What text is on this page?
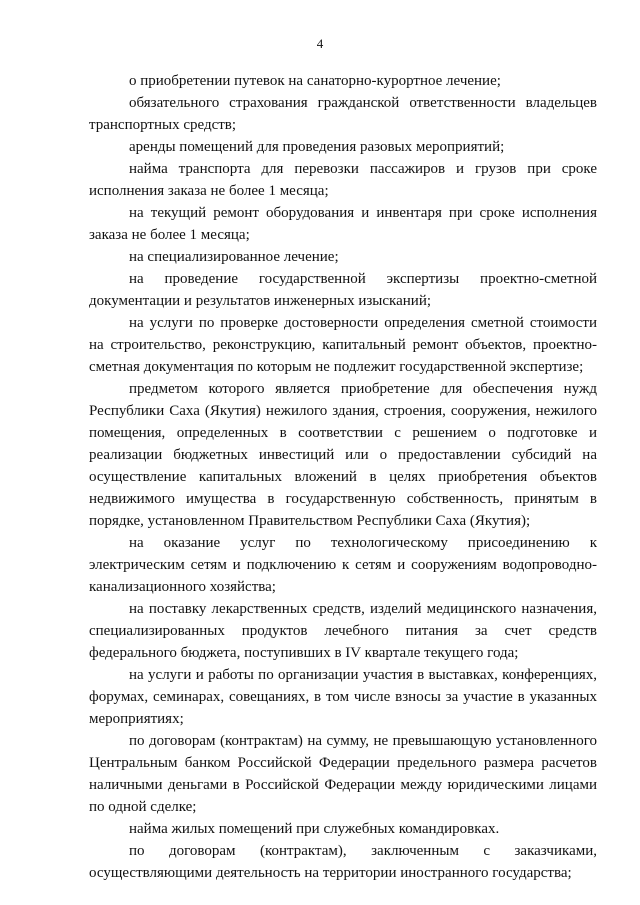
4

о приобретении путевок на санаторно-курортное лечение;

обязательного страхования гражданской ответственности владельцев транспортных средств;

аренды помещений для проведения разовых мероприятий;

найма транспорта для перевозки пассажиров и грузов при сроке исполнения заказа не более 1 месяца;

на текущий ремонт оборудования и инвентаря при сроке исполнения заказа не более 1 месяца;

на специализированное лечение;

на проведение государственной экспертизы проектно-сметной документации и результатов инженерных изысканий;

на услуги по проверке достоверности определения сметной стоимости на строительство, реконструкцию, капитальный ремонт объектов, проектно-сметная документация по которым не подлежит государственной экспертизе;

предметом которого является приобретение для обеспечения нужд Республики Саха (Якутия) нежилого здания, строения, сооружения, нежилого помещения, определенных в соответствии с решением о подготовке и реализации бюджетных инвестиций или о предоставлении субсидий на осуществление капитальных вложений в целях приобретения объектов недвижимого имущества в государственную собственность, принятым в порядке, установленном Правительством Республики Саха (Якутия);

на оказание услуг по технологическому присоединению к электрическим сетям и подключению к сетям и сооружениям водопроводно-канализационного хозяйства;

на поставку лекарственных средств, изделий медицинского назначения, специализированных продуктов лечебного питания за счет средств федерального бюджета, поступивших в IV квартале текущего года;

на услуги и работы по организации участия в выставках, конференциях, форумах, семинарах, совещаниях, в том числе взносы за участие в указанных мероприятиях;

по договорам (контрактам) на сумму, не превышающую установленного Центральным банком Российской Федерации предельного размера расчетов наличными деньгами в Российской Федерации между юридическими лицами по одной сделке;

найма жилых помещений при служебных командировках.

по договорам (контрактам), заключенным с заказчиками, осуществляющими деятельность на территории иностранного государства;
